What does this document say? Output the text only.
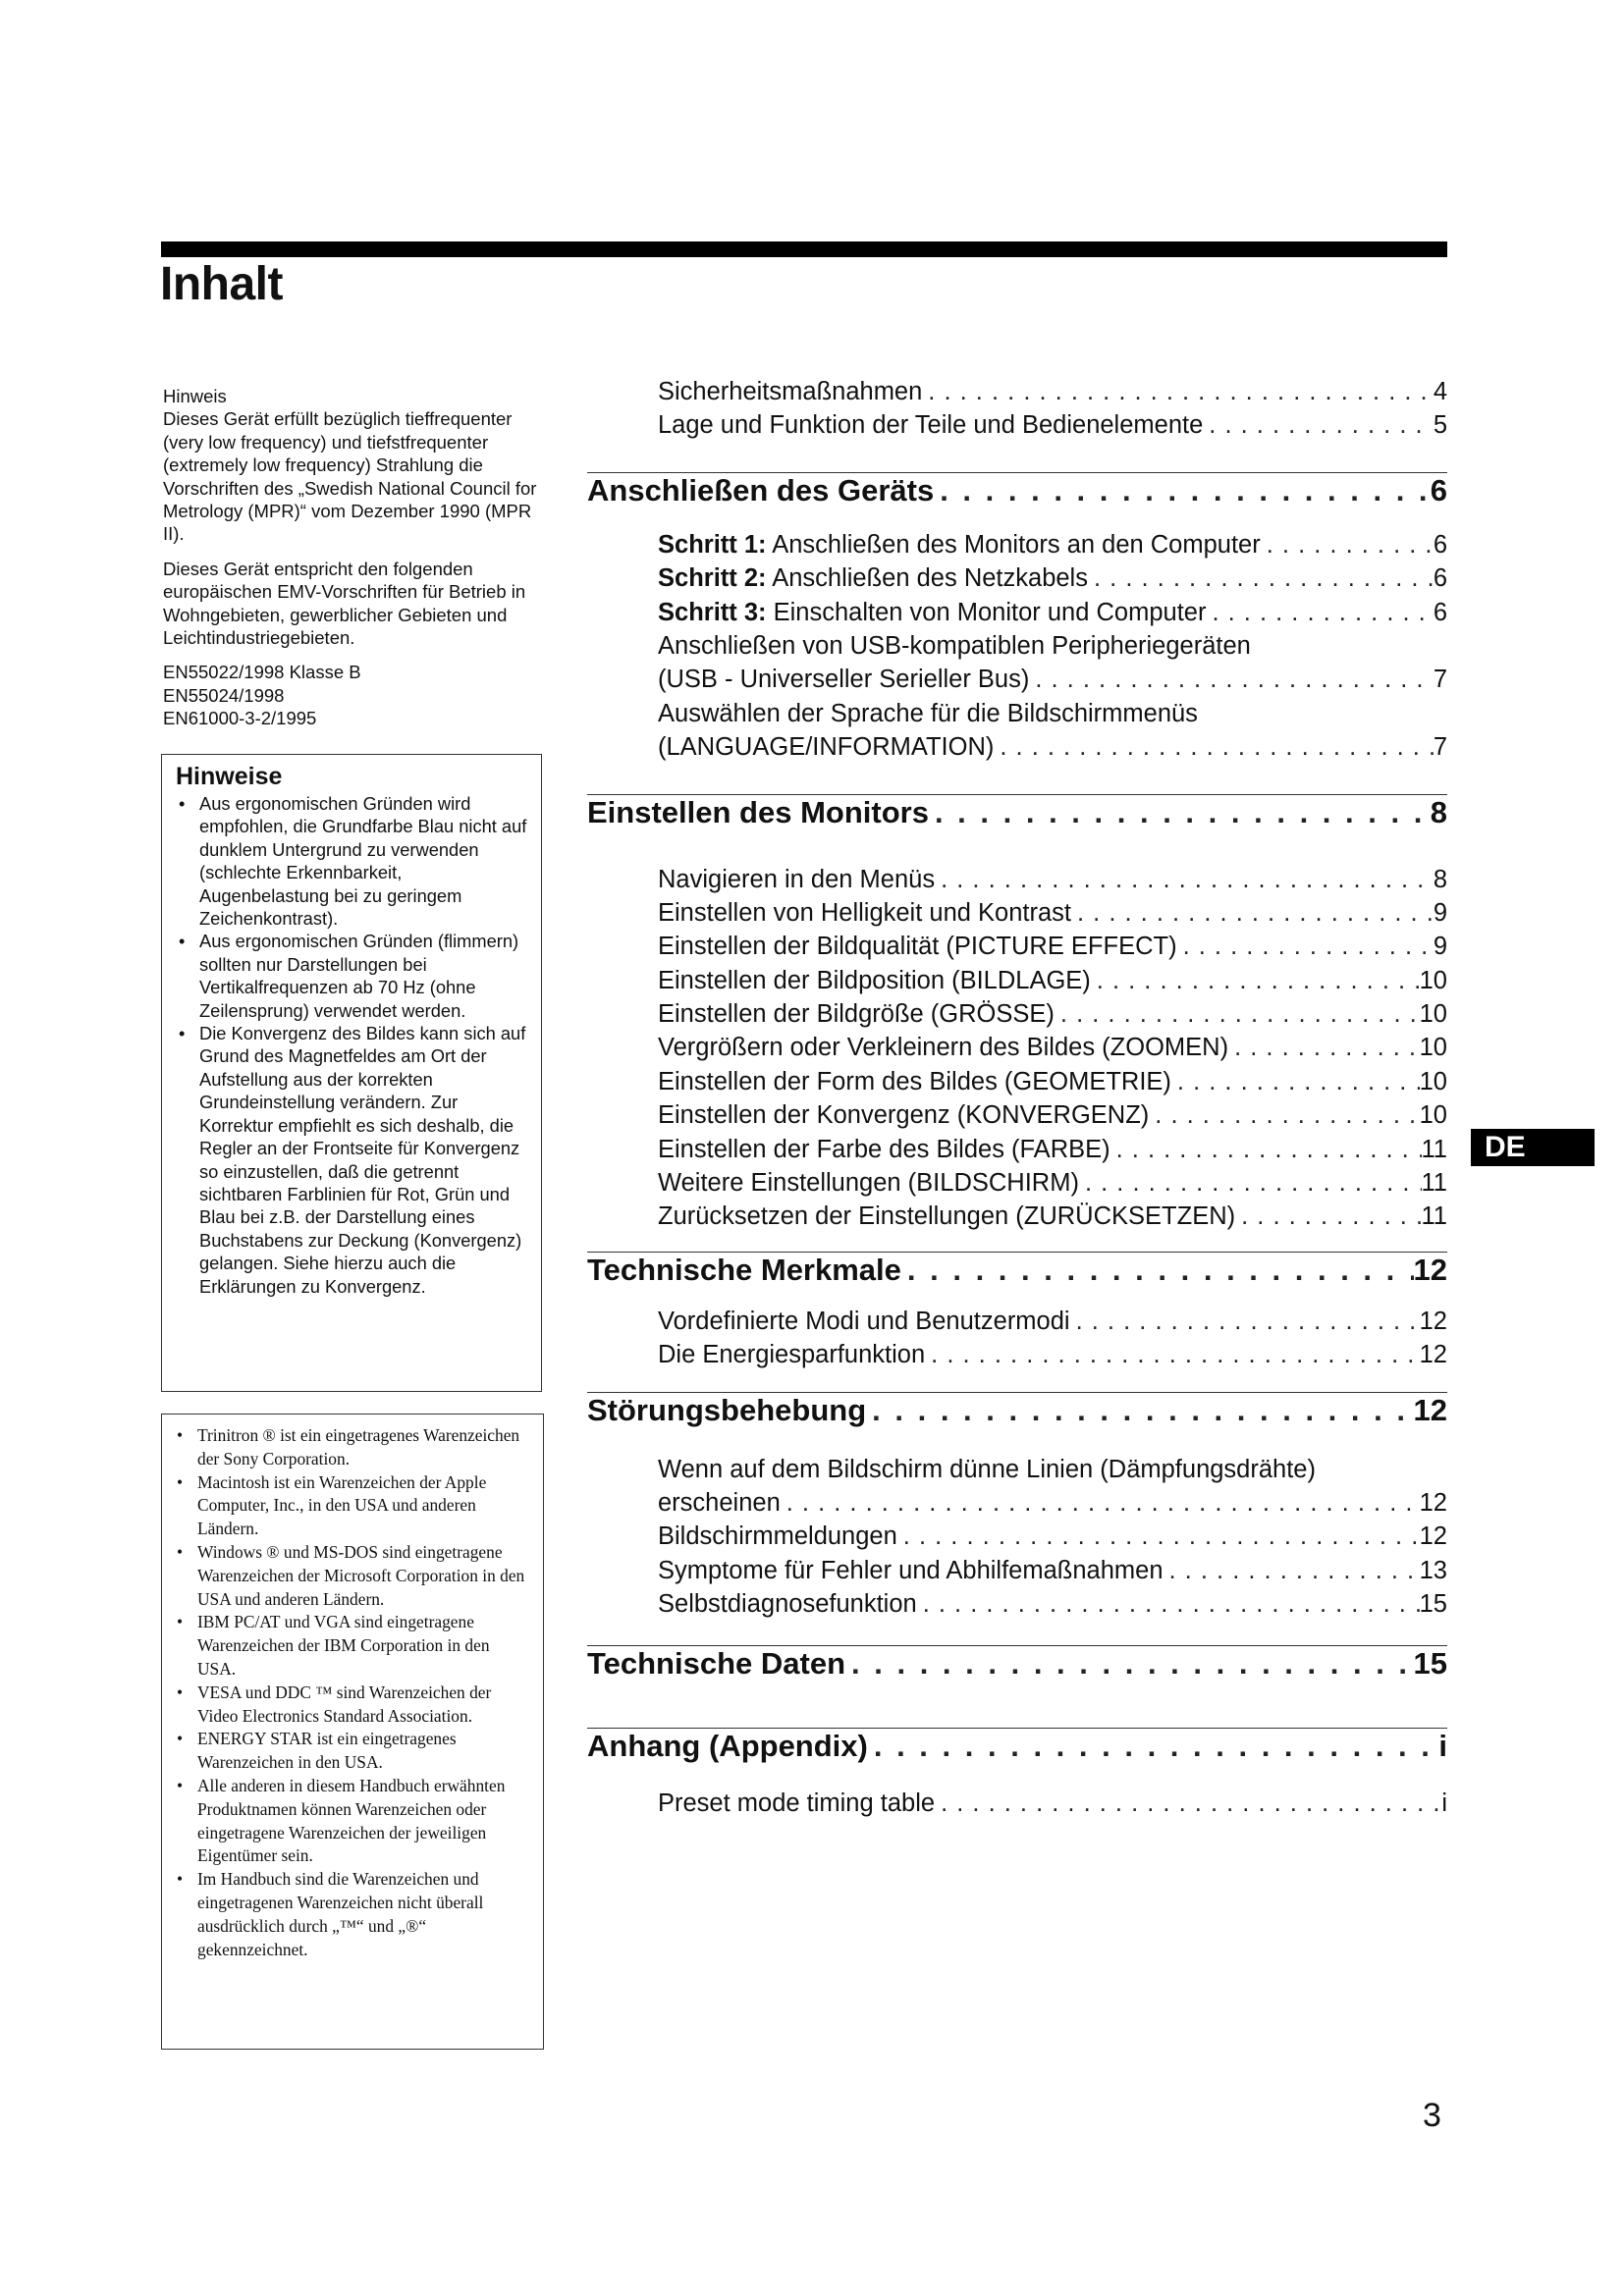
Inhalt

Hinweis
Dieses Gerät erfüllt bezüglich tieffrequenter (very low frequency) und tiefstfrequenter (extremely low frequency) Strahlung die Vorschriften des „Swedish National Council for Metrology (MPR)“ vom Dezember 1990 (MPR II).

Dieses Gerät entspricht den folgenden europäischen EMV-Vorschriften für Betrieb in Wohngebieten, gewerblicher Gebieten und Leichtindustriegebieten.

EN55022/1998 Klasse B
EN55024/1998
EN61000-3-2/1995
Hinweise
• Aus ergonomischen Gründen wird empfohlen, die Grundfarbe Blau nicht auf dunklem Untergrund zu verwenden (schlechte Erkennbarkeit, Augenbelastung bei zu geringem Zeichenkontrast).
• Aus ergonomischen Gründen (flimmern) sollten nur Darstellungen bei Vertikalfrequenzen ab 70 Hz (ohne Zeilensprung) verwendet werden.
• Die Konvergenz des Bildes kann sich auf Grund des Magnetfeldes am Ort der Aufstellung aus der korrekten Grundeinstellung verändern. Zur Korrektur empfiehlt es sich deshalb, die Regler an der Frontseite für Konvergenz so einzustellen, daß die getrennt sichtbaren Farblinien für Rot, Grün und Blau bei z.B. der Darstellung eines Buchstabens zur Deckung (Konvergenz) gelangen. Siehe hierzu auch die Erklärungen zu Konvergenz.
• Trinitron ® ist ein eingetragenes Warenzeichen der Sony Corporation.
• Macintosh ist ein Warenzeichen der Apple Computer, Inc., in den USA und anderen Ländern.
• Windows ® und MS-DOS sind eingetragene Warenzeichen der Microsoft Corporation in den USA und anderen Ländern.
• IBM PC/AT und VGA sind eingetragene Warenzeichen der IBM Corporation in den USA.
• VESA und DDC ™ sind Warenzeichen der Video Electronics Standard Association.
• ENERGY STAR ist ein eingetragenes Warenzeichen in den USA.
• Alle anderen in diesem Handbuch erwähnten Produktnamen können Warenzeichen oder eingetragene Warenzeichen der jeweiligen Eigentümer sein.
• Im Handbuch sind die Warenzeichen und eingetragenen Warenzeichen nicht überall ausdrücklich durch „™“ und „®“ gekennzeichnet.
Sicherheitsmaßnahmen . . .	4
Lage und Funktion der Teile und Bedienelemente . . .	5
Anschließen des Geräts . . .	6
Schritt 1: Anschließen des Monitors an den Computer . . .	6
Schritt 2: Anschließen des Netzkabels . . .	6
Schritt 3: Einschalten von Monitor und Computer . . .	6
Anschließen von USB-kompatiblen Peripheriegeräten
(USB - Universeller Serieller Bus) . . .	7
Auswählen der Sprache für die Bildschirmmenüs
(LANGUAGE/INFORMATION) . . .	7
Einstellen des Monitors . . .	8
Navigieren in den Menüs . . .	8
Einstellen von Helligkeit und Kontrast . . .	9
Einstellen der Bildqualität (PICTURE EFFECT) . . .	9
Einstellen der Bildposition (BILDLAGE) . . .	10
Einstellen der Bildgröße (GRÖSSE) . . .	10
Vergrößern oder Verkleinern des Bildes (ZOOMEN) . . .	10
Einstellen der Form des Bildes (GEOMETRIE) . . .	10
Einstellen der Konvergenz (KONVERGENZ) . . .	10
Einstellen der Farbe des Bildes (FARBE) . . .	11
Weitere Einstellungen (BILDSCHIRM) . . .	11
Zurücksetzen der Einstellungen (ZURÜCKSETZEN) . . .	11
Technische Merkmale . . .	12
Vordefinierte Modi und Benutzermodi . . .	12
Die Energiesparfunktion . . .	12
Störungsbehebung . . .	12
Wenn auf dem Bildschirm dünne Linien (Dämpfungsdrähte)
erscheinen . . .	12
Bildschirmmeldungen . . .	12
Symptome für Fehler und Abhilfemaßnahmen . . .	13
Selbstdiagnosefunktion . . .	15
Technische Daten . . .	15
Anhang (Appendix) . . .	i
Preset mode timing table . . .	i
DE
3
